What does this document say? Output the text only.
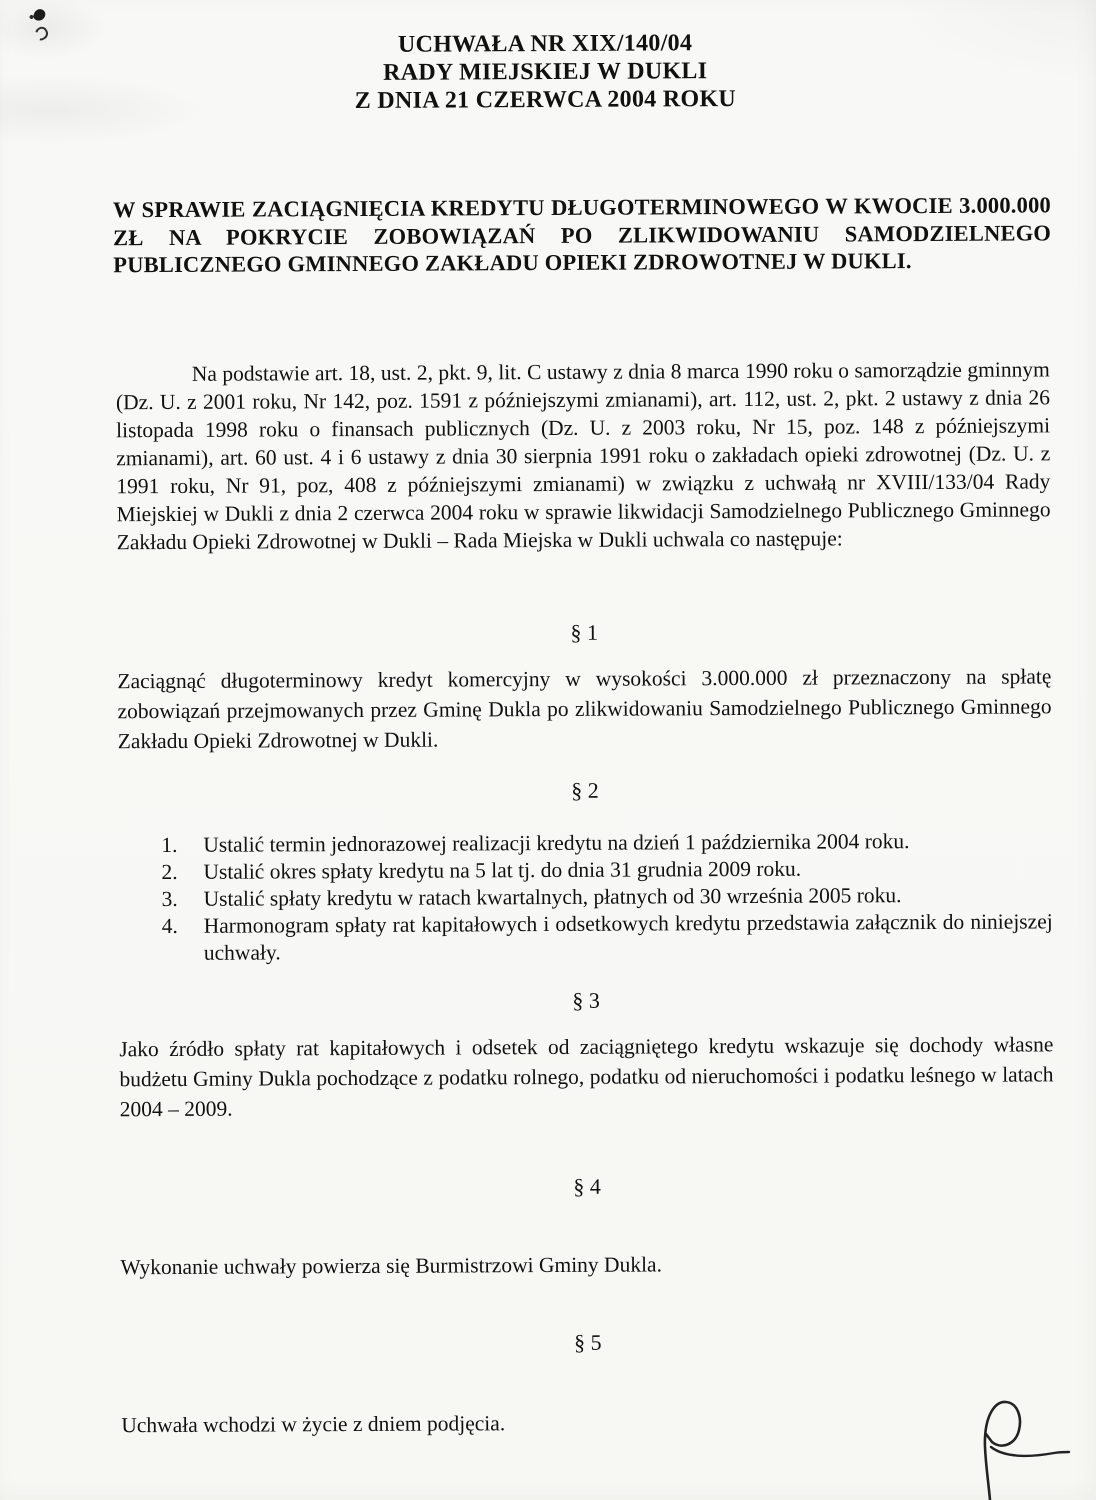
UCHWAŁA NR XIX/140/04
RADY MIEJSKIEJ W DUKLI
Z DNIA 21 CZERWCA 2004 ROKU
W SPRAWIE ZACIĄGNIĘCIA KREDYTU DŁUGOTERMINOWEGO W KWOCIE 3.000.000 ZŁ NA POKRYCIE ZOBOWIĄZAŃ PO ZLIKWIDOWANIU SAMODZIELNEGO PUBLICZNEGO GMINNEGO ZAKŁADU OPIEKI ZDROWOTNEJ W DUKLI.
Na podstawie art. 18, ust. 2, pkt. 9, lit. C ustawy z dnia 8 marca 1990 roku o samorządzie gminnym (Dz. U. z 2001 roku, Nr 142, poz. 1591 z późniejszymi zmianami), art. 112, ust. 2, pkt. 2 ustawy z dnia 26 listopada 1998 roku o finansach publicznych (Dz. U. z 2003 roku, Nr 15, poz. 148 z późniejszymi zmianami), art. 60 ust. 4 i 6 ustawy z dnia 30 sierpnia 1991 roku o zakładach opieki zdrowotnej (Dz. U. z 1991 roku, Nr 91, poz, 408 z późniejszymi zmianami) w związku z uchwałą nr XVIII/133/04 Rady Miejskiej w Dukli z dnia 2 czerwca 2004 roku w sprawie likwidacji Samodzielnego Publicznego Gminnego Zakładu Opieki Zdrowotnej w Dukli – Rada Miejska w Dukli uchwala co następuje:
§ 1
Zaciągnąć długoterminowy kredyt komercyjny w wysokości 3.000.000 zł przeznaczony na spłatę zobowiązań przejmowanych przez Gminę Dukla po zlikwidowaniu Samodzielnego Publicznego Gminnego Zakładu Opieki Zdrowotnej w Dukli.
§ 2
1.	Ustalić termin jednorazowej realizacji kredytu na dzień 1 października 2004 roku.
2.	Ustalić okres spłaty kredytu na 5 lat tj. do dnia 31 grudnia 2009 roku.
3.	Ustalić spłaty kredytu w ratach kwartalnych, płatnych od 30 września 2005 roku.
4.	Harmonogram spłaty rat kapitałowych i odsetkowych kredytu przedstawia załącznik do niniejszej uchwały.
§ 3
Jako źródło spłaty rat kapitałowych i odsetek od zaciągniętego kredytu wskazuje się dochody własne budżetu Gminy Dukla pochodzące z podatku rolnego, podatku od nieruchomości i podatku leśnego w latach 2004 – 2009.
§ 4
Wykonanie uchwały powierza się Burmistrzowi Gminy Dukla.
§ 5
Uchwała wchodzi w życie z dniem podjęcia.
